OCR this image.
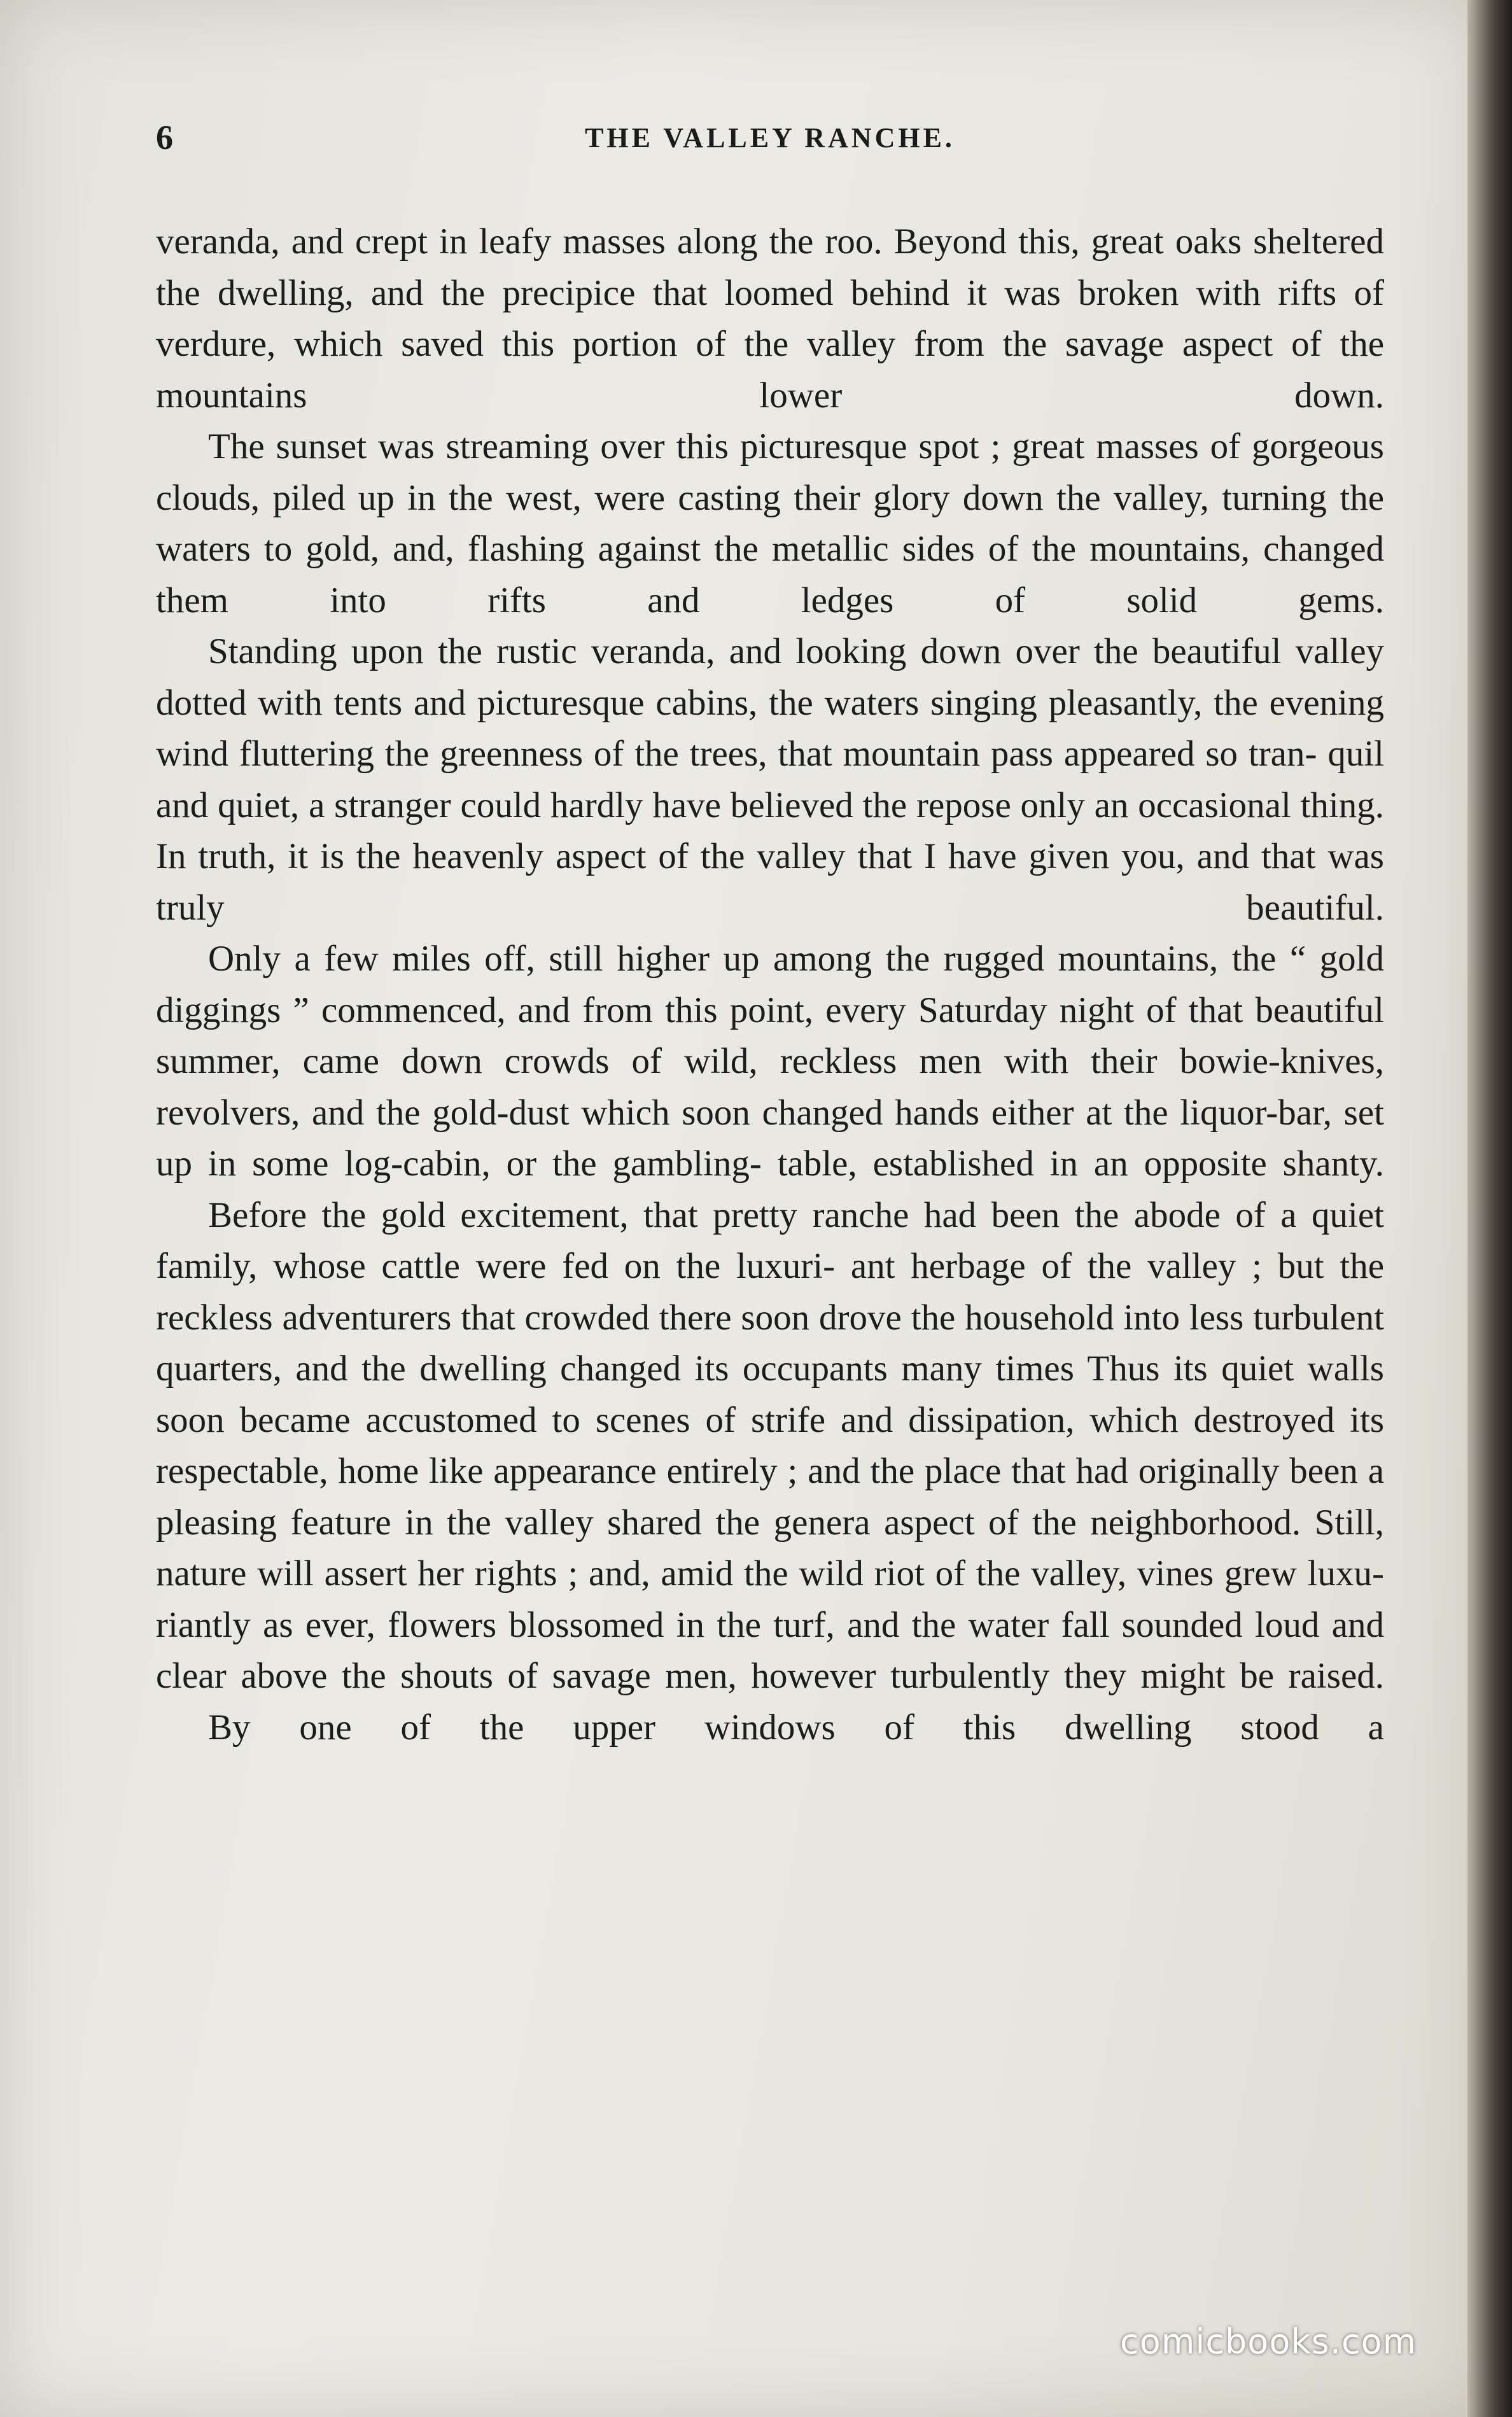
6	THE VALLEY RANCHE.

veranda, and crept in leafy masses along the roo. Beyond this, great oaks sheltered the dwelling, and the precipice that loomed behind it was broken with rifts of verdure, which saved this portion of the valley from the savage aspect of the mountains lower down.

The sunset was streaming over this picturesque spot ; great masses of gorgeous clouds, piled up in the west, were casting their glory down the valley, turning the waters to gold, and, flashing against the metallic sides of the mountains, changed them into rifts and ledges of solid gems.

Standing upon the rustic veranda, and looking down over the beautiful valley dotted with tents and picturesque cabins, the waters singing pleasantly, the evening wind fluttering the greenness of the trees, that mountain pass appeared so tran- quil and quiet, a stranger could hardly have believed the repose only an occasional thing. In truth, it is the heavenly aspect of the valley that I have given you, and that was truly beautiful.

Only a few miles off, still higher up among the rugged mountains, the “ gold diggings ” commenced, and from this point, every Saturday night of that beautiful summer, came down crowds of wild, reckless men with their bowie-knives, revolvers, and the gold-dust which soon changed hands either at the liquor-bar, set up in some log-cabin, or the gambling- table, established in an opposite shanty.

Before the gold excitement, that pretty ranche had been the abode of a quiet family, whose cattle were fed on the luxuri- ant herbage of the valley ; but the reckless adventurers that crowded there soon drove the household into less turbulent quarters, and the dwelling changed its occupants many times Thus its quiet walls soon became accustomed to scenes of strife and dissipation, which destroyed its respectable, home like appearance entirely ; and the place that had originally been a pleasing feature in the valley shared the genera aspect of the neighborhood. Still, nature will assert her rights ; and, amid the wild riot of the valley, vines grew luxu- riantly as ever, flowers blossomed in the turf, and the water fall sounded loud and clear above the shouts of savage men, however turbulently they might be raised.

By one of the upper windows of this dwelling stood a

comicbooks.com
